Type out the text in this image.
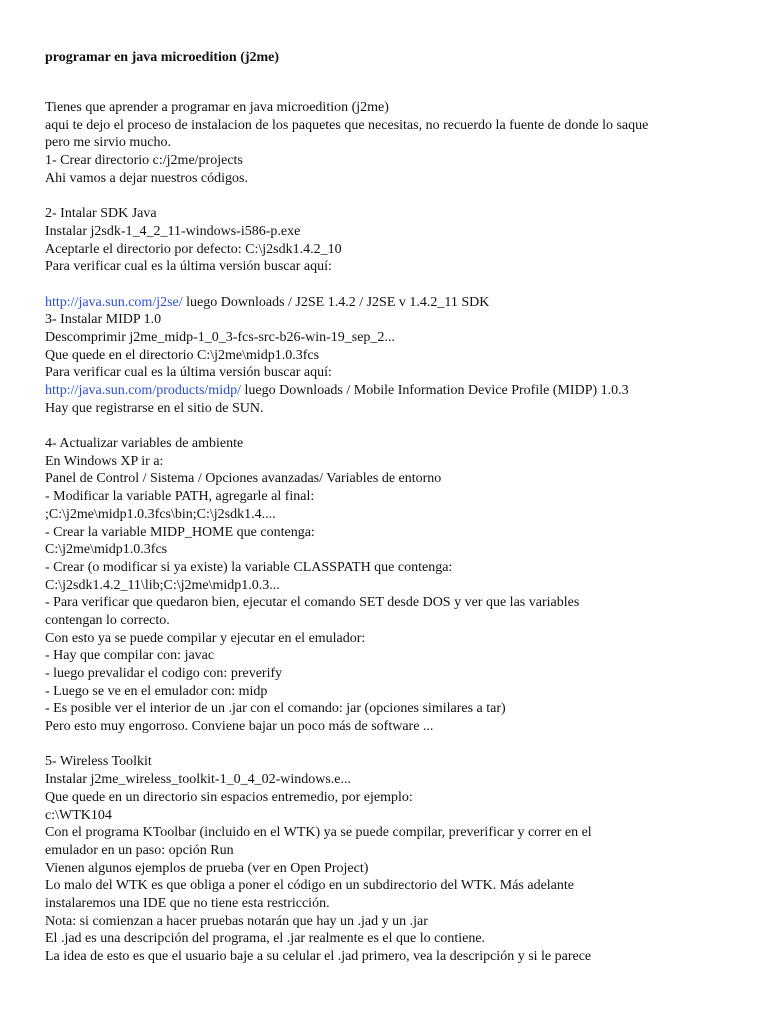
programar en java microedition (j2me)
Tienes que aprender a programar en java microedition (j2me)
aqui te dejo el proceso de instalacion de los paquetes que necesitas, no recuerdo la fuente de donde lo saque
pero me sirvio mucho.
1- Crear directorio c:/j2me/projects
Ahi vamos a dejar nuestros códigos.
2- Intalar SDK Java
Instalar j2sdk-1_4_2_11-windows-i586-p.exe
Aceptarle el directorio por defecto: C:\j2sdk1.4.2_10
Para verificar cual es la última versión buscar aquí:
http://java.sun.com/j2se/ luego Downloads / J2SE 1.4.2 / J2SE v 1.4.2_11 SDK
3- Instalar MIDP 1.0
Descomprimir j2me_midp-1_0_3-fcs-src-b26-win-19_sep_2...
Que quede en el directorio C:\j2me\midp1.0.3fcs
Para verificar cual es la última versión buscar aquí:
http://java.sun.com/products/midp/ luego Downloads / Mobile Information Device Profile (MIDP) 1.0.3
Hay que registrarse en el sitio de SUN.
4- Actualizar variables de ambiente
En Windows XP ir a:
Panel de Control / Sistema / Opciones avanzadas/ Variables de entorno
- Modificar la variable PATH, agregarle al final:
;C:\j2me\midp1.0.3fcs\bin;C:\j2sdk1.4....
- Crear la variable MIDP_HOME que contenga:
C:\j2me\midp1.0.3fcs
- Crear (o modificar si ya existe) la variable CLASSPATH que contenga:
C:\j2sdk1.4.2_11\lib;C:\j2me\midp1.0.3...
- Para verificar que quedaron bien, ejecutar el comando SET desde DOS y ver que las variables
contengan lo correcto.
Con esto ya se puede compilar y ejecutar en el emulador:
- Hay que compilar con: javac
- luego prevalidar el codigo con: preverify
- Luego se ve en el emulador con: midp
- Es posible ver el interior de un .jar con el comando: jar (opciones similares a tar)
Pero esto muy engorroso. Conviene bajar un poco más de software ...
5- Wireless Toolkit
Instalar j2me_wireless_toolkit-1_0_4_02-windows.e...
Que quede en un directorio sin espacios entremedio, por ejemplo:
c:\WTK104
Con el programa KToolbar (incluido en el WTK) ya se puede compilar, preverificar y correr en el
emulador en un paso: opción Run
Vienen algunos ejemplos de prueba (ver en Open Project)
Lo malo del WTK es que obliga a poner el código en un subdirectorio del WTK. Más adelante
instalaremos una IDE que no tiene esta restricción.
Nota: si comienzan a hacer pruebas notarán que hay un .jad y un .jar
El .jad es una descripción del programa, el .jar realmente es el que lo contiene.
La idea de esto es que el usuario baje a su celular el .jad primero, vea la descripción y si le parece
